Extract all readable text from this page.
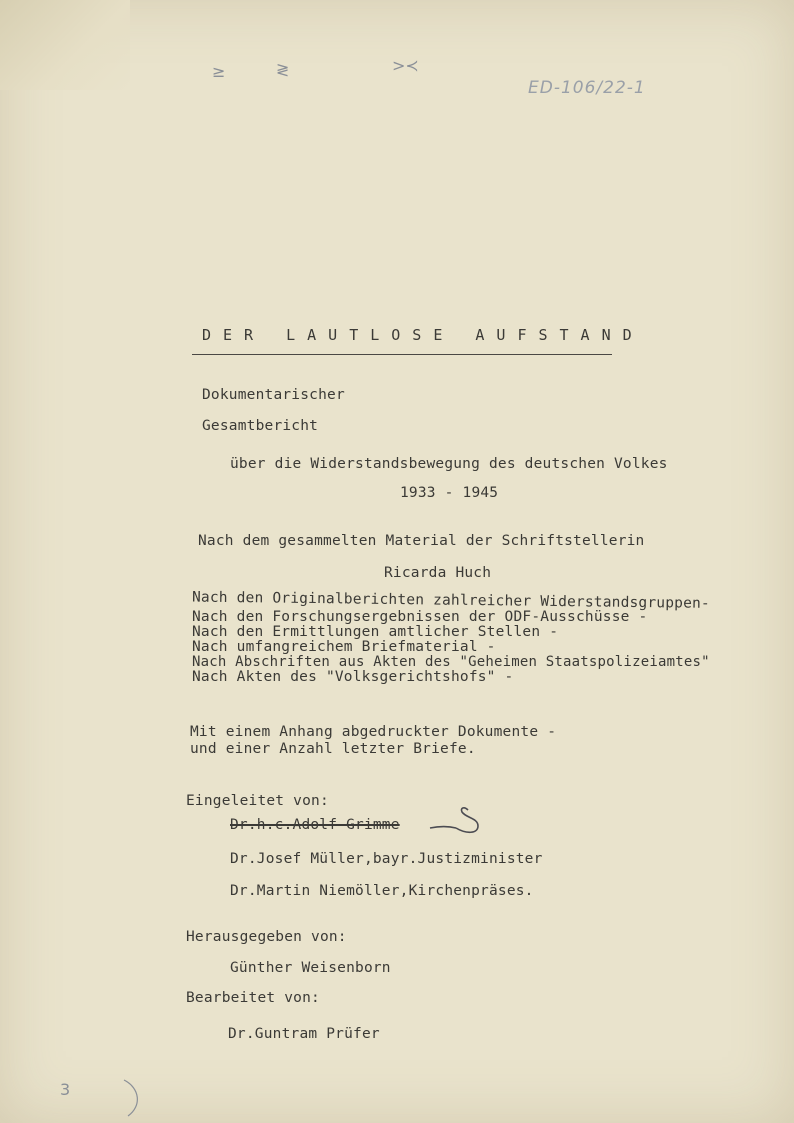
≥	≷	>≺
ED-106/22-1
DER LAUTLOSE AUFSTAND
Dokumentarischer
Gesamtbericht
über die Widerstandsbewegung des deutschen Volkes
1933 - 1945
Nach dem gesammelten Material der Schriftstellerin
Ricarda Huch
Nach den Originalberichten zahlreicher Widerstandsgruppen-
Nach den Forschungsergebnissen der ODF-Ausschüsse -
Nach den Ermittlungen amtlicher Stellen -
Nach umfangreichem Briefmaterial -
Nach Abschriften aus Akten des "Geheimen Staatspolizeiamtes"
Nach Akten des "Volksgerichtshofs" -
Mit einem Anhang abgedruckter Dokumente -
und einer Anzahl letzter Briefe.
Eingeleitet von:
Dr.h.c.Adolf Grimme
Dr.Josef Müller,bayr.Justizminister
Dr.Martin Niemöller,Kirchenpräses.
Herausgegeben von:
Günther Weisenborn
Bearbeitet von:
Dr.Guntram Prüfer
3
